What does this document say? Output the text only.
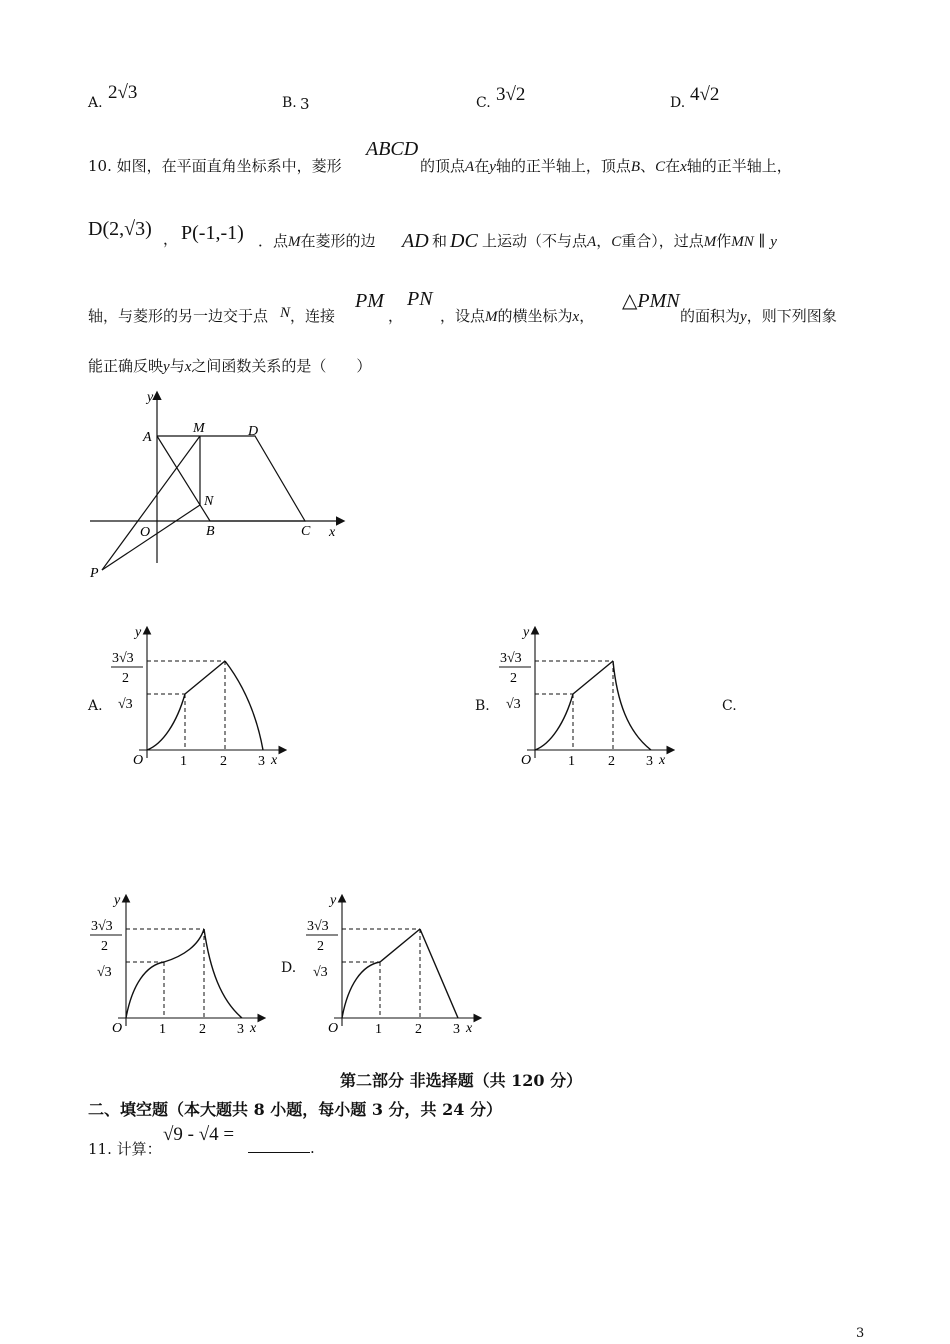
A. 2√3	B. 3	C. 3√2	D. 4√2
10. 如图，在平面直角坐标系中，菱形
ABCD
的顶点A在y轴的正半轴上，顶点B、C在x轴的正半轴上，
D(2,√3) ， P(-1,-1) ．点M在菱形的边 AD 和 DC 上运动（不与点A，C重合），过点M作MN ∥ y
轴，与菱形的另一边交于点 N ，连接
PM
，
PN
，设点M的横坐标为x，
△PMN
的面积为y，则下列图象
能正确反映y与x之间函数关系的是（　　）
y
A
M	D
N
O	B	C x
P
A.	B.	C.
D.
y
O	1 2 3 x
3√3
2
√3
y
O	1 2 3 x
3√3
2
√3
y
O	1 2 3 x
3√3
2
√3
y
O	1 2 3 x
3√3
2
√3
第二部分 非选择题（共 120 分）
二、填空题（本大题共 8 小题，每小题 3 分，共 24 分）
11. 计算：
√9 - √4 =
.
3
